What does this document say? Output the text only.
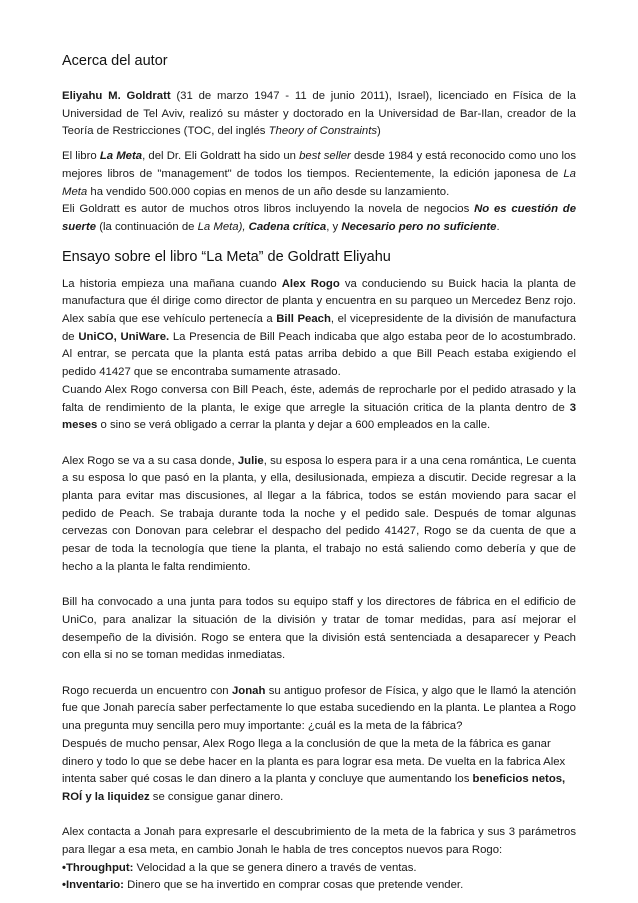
Acerca del autor

Eliyahu M. Goldratt (31 de marzo 1947 - 11 de junio 2011), Israel), licenciado en Física de la Universidad de Tel Aviv, realizó su máster y doctorado en la Universidad de Bar-Ilan, creador de la Teoría de Restricciones (TOC, del inglés Theory of Constraints)

El libro La Meta, del Dr. Eli Goldratt ha sido un best seller desde 1984 y está reconocido como uno los mejores libros de "management" de todos los tiempos. Recientemente, la edición japonesa de La Meta ha vendido 500.000 copias en menos de un año desde su lanzamiento.

Eli Goldratt es autor de muchos otros libros incluyendo la novela de negocios No es cuestión de suerte (la continuación de La Meta), Cadena crítica, y Necesario pero no suficiente.

Ensayo sobre el libro “La Meta” de Goldratt Eliyahu

La historia empieza una mañana cuando Alex Rogo va conduciendo su Buick hacia la planta de manufactura que él dirige como director de planta y encuentra en su parqueo un Mercedez Benz rojo. Alex sabía que ese vehículo pertenecía a Bill Peach, el vicepresidente de la división de manufactura de UniCO, UniWare. La Presencia de Bill Peach indicaba que algo estaba peor de lo acostumbrado. Al entrar, se percata que la planta está patas arriba debido a que Bill Peach estaba exigiendo el pedido 41427 que se encontraba sumamente atrasado.

Cuando Alex Rogo conversa con Bill Peach, éste, además de reprocharle por el pedido atrasado y la falta de rendimiento de la planta, le exige que arregle la situación critica de la planta dentro de 3 meses o sino se verá obligado a cerrar la planta y dejar a 600 empleados en la calle.

Alex Rogo se va a su casa donde, Julie, su esposa lo espera para ir a una cena romántica, Le cuenta a su esposa lo que pasó en la planta, y ella, desilusionada, empieza a discutir. Decide regresar a la planta para evitar mas discusiones, al llegar a la fábrica, todos se están moviendo para sacar el pedido de Peach. Se trabaja durante toda la noche y el pedido sale. Después de tomar algunas cervezas con Donovan para celebrar el despacho del pedido 41427, Rogo se da cuenta de que a pesar de toda la tecnología que tiene la planta, el trabajo no está saliendo como debería y que de hecho a la planta le falta rendimiento.

Bill ha convocado a una junta para todos su equipo staff y los directores de fábrica en el edificio de UniCo, para analizar la situación de la división y tratar de tomar medidas, para así mejorar el desempeño de la división. Rogo se entera que la división está sentenciada a desaparecer y Peach con ella si no se toman medidas inmediatas.

Rogo recuerda un encuentro con Jonah su antiguo profesor de Física, y algo que le llamó la atención fue que Jonah parecía saber perfectamente lo que estaba sucediendo en la planta. Le plantea a Rogo una pregunta muy sencilla pero muy importante: ¿cuál es la meta de la fábrica?

Después de mucho pensar, Alex Rogo llega a la conclusión de que la meta de la fábrica es ganar dinero y todo lo que se debe hacer en la planta es para lograr esa meta. De vuelta en la fabrica Alex intenta saber qué cosas le dan dinero a la planta y concluye que aumentando los beneficios netos, ROÍ y la liquidez se consigue ganar dinero.

Alex contacta a Jonah para expresarle el descubrimiento de la meta de la fabrica y sus 3 parámetros para llegar a esa meta, en cambio Jonah le habla de tres conceptos nuevos para Rogo:

•Throughput: Velocidad a la que se genera dinero a través de ventas.

•Inventario: Dinero que se ha invertido en comprar cosas que pretende vender.
